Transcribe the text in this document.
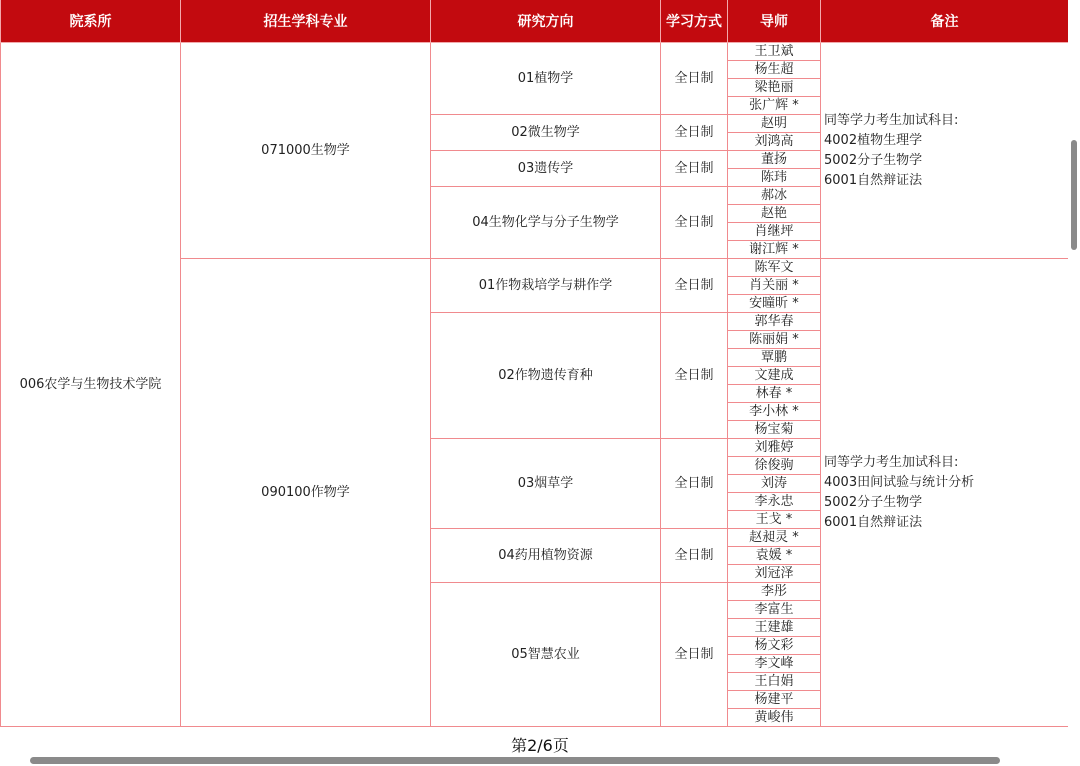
院系所	招生学科专业	研究方向	学习方式	导师	备注
006农学与生物技术学院	071000生物学	01植物学	全日制	王卫斌	同等学力考生加试科目:
4002植物生理学
5002分子生物学
6001自然辩证法

				杨生超	
				梁艳丽	
				张广辉 *	
		02微生物学	全日制	赵明	
				刘鸿高	
		03遗传学	全日制	董扬	
				陈玮	
		04生物化学与分子生物学	全日制	郝冰	
				赵艳	
				肖继坪	
				谢江辉 *	
	090100作物学	01作物栽培学与耕作学	全日制	陈军文	同等学力考生加试科目:
4003田间试验与统计分析
5002分子生物学
6001自然辩证法

				肖关丽 *	
				安曈昕 *	
		02作物遗传育种	全日制	郭华春	
				陈丽娟 *	
				覃鹏	
				文建成	
				林春 *	
				李小林 *	
				杨宝菊	
		03烟草学	全日制	刘雅婷	
				徐俊驹	
				刘涛	
				李永忠	
				王戈 *	
		04药用植物资源	全日制	赵昶灵 *	
				袁媛 *	
				刘冠泽	
		05智慧农业	全日制	李彤	
				李富生	
				王建雄	
				杨文彩	
				李文峰	
				王白娟	
				杨建平	
				黄峻伟	
第2/6页
